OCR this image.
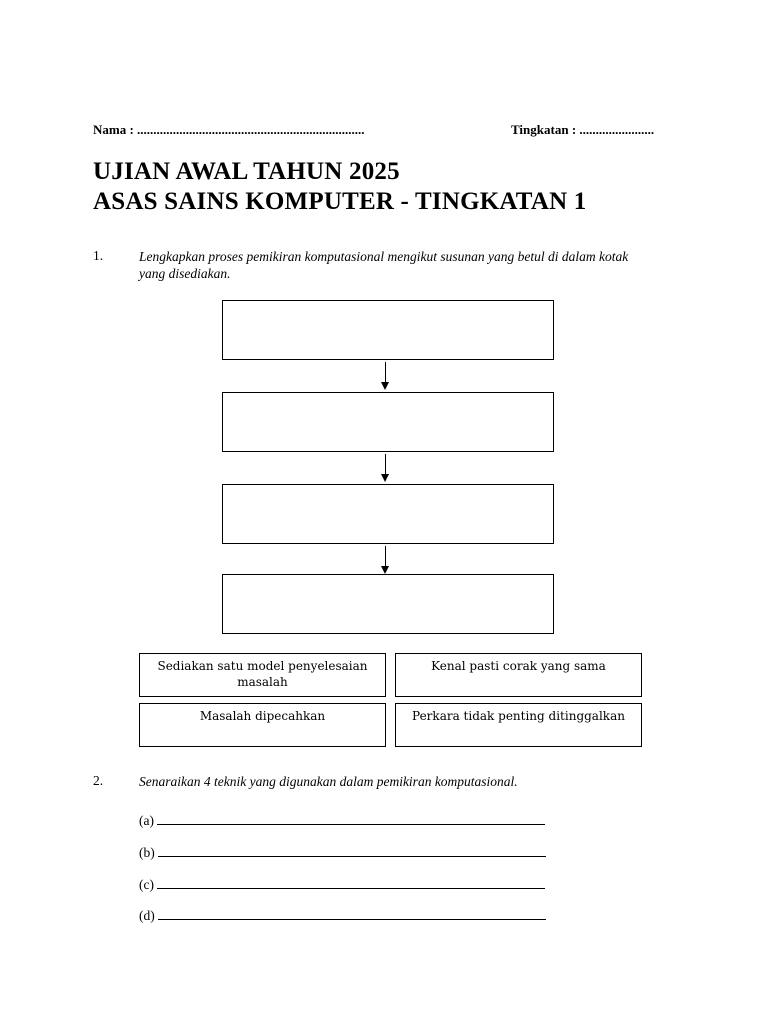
Nama : ......................................................................	Tingkatan : .......................
UJIAN AWAL TAHUN 2025
ASAS SAINS KOMPUTER - TINGKATAN 1
1.	Lengkapkan proses pemikiran komputasional mengikut susunan yang betul di dalam kotak
yang disediakan.
Sediakan satu model penyelesaian masalah
Kenal pasti corak yang sama
Masalah dipecahkan	Perkara tidak penting ditinggalkan
2.	Senaraikan 4 teknik yang digunakan dalam pemikiran komputasional.
(a)
(b)
(c)
(d)
